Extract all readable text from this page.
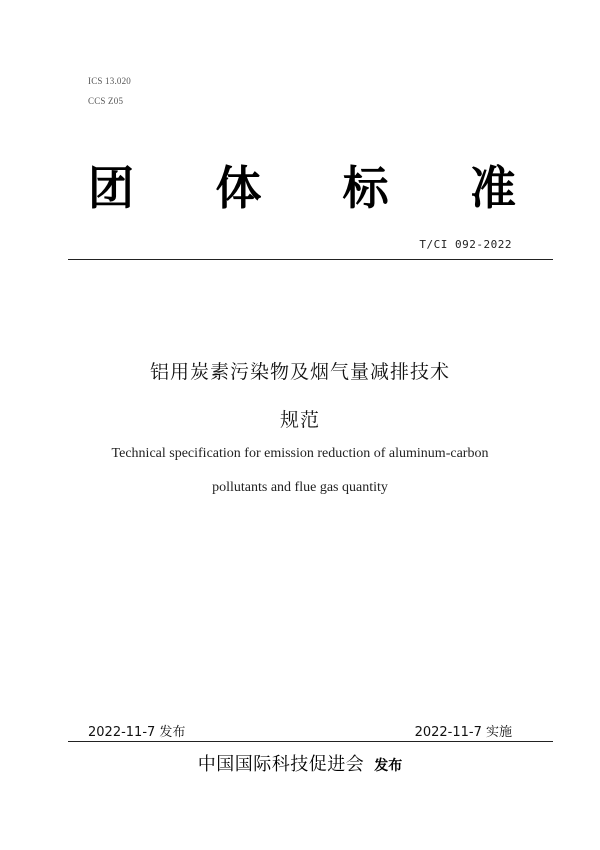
ICS 13.020
CCS Z05
团 体 标 准
T/CI 092-2022
铝用炭素污染物及烟气量减排技术
规范
Technical specification for emission reduction of aluminum-carbon
pollutants and flue gas quantity
2022-11-7 发布	2022-11-7 实施
中国国际科技促进会 发布
